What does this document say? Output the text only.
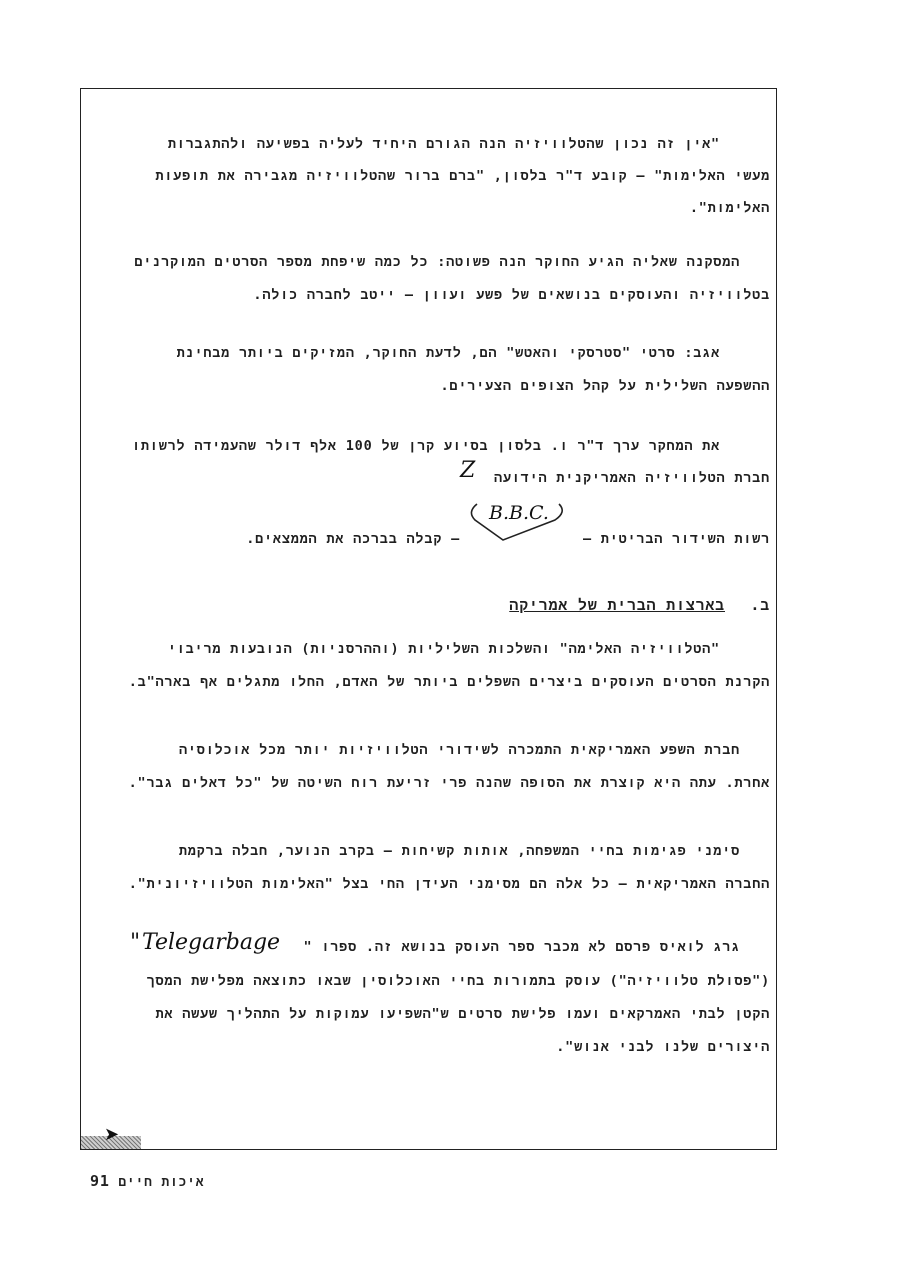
➤
"אין זה נכון שהטלוויזיה הנה הגורם היחיד לעליה בפשיעה ולהתגברות
מעשי האלימות" – קובע ד"ר בלסון, "ברם ברור שהטלוויזיה מגבירה את תופעות
האלימות".
המסקנה שאליה הגיע החוקר הנה פשוטה: כל כמה שיפחת מספר הסרטים המוקרנים
בטלוויזיה והעוסקים בנושאים של פשע ועוון – ייטב לחברה כולה.
אגב: סרטי "סטרסקי והאטש" הם, לדעת החוקר, המזיקים ביותר מבחינת
ההשפעה השלילית על קהל הצופים הצעירים.
את המחקר ערך ד"ר ו. בלסון בסיוע קרן של 100 אלף דולר שהעמידה לרשותו
חברת הטלוויזיה האמריקנית הידועה
Z
B.B.C.
רשות השידור הבריטית –
– קבלה בברכה את הממצאים.
ב.
בארצות הברית של אמריקה
"הטלוויזיה האלימה" והשלכות השליליות (וההרסניות) הנובעות מריבוי
הקרנת הסרטים העוסקים ביצרים השפלים ביותר של האדם, החלו מתגלים אף בארה"ב.
חברת השפע האמריקאית התמכרה לשידורי הטלוויזיות יותר מכל אוכלוסיה
אחרת. עתה היא קוצרת את הסופה שהנה פרי זריעת רוח השיטה של "כל דאלים גבר".
סימני פגימות בחיי המשפחה, אותות קשיחות – בקרב הנוער, חבלה ברקמת
החברה האמריקאית – כל אלה הם מסימני העידן החי בצל "האלימות הטלוויזיונית".
גרג לואיס פרסם לא מכבר ספר העוסק בנושא זה. ספרו "
Telegarbage
"
("פסולת טלוויזיה") עוסק בתמורות בחיי האוכלוסין שבאו כתוצאה מפלישת המסך
הקטן לבתי האמרקאים ועמו פלישת סרטים ש"השפיעו עמוקות על התהליך שעשה את
היצורים שלנו לבני אנוש".
איכות חיים 91
